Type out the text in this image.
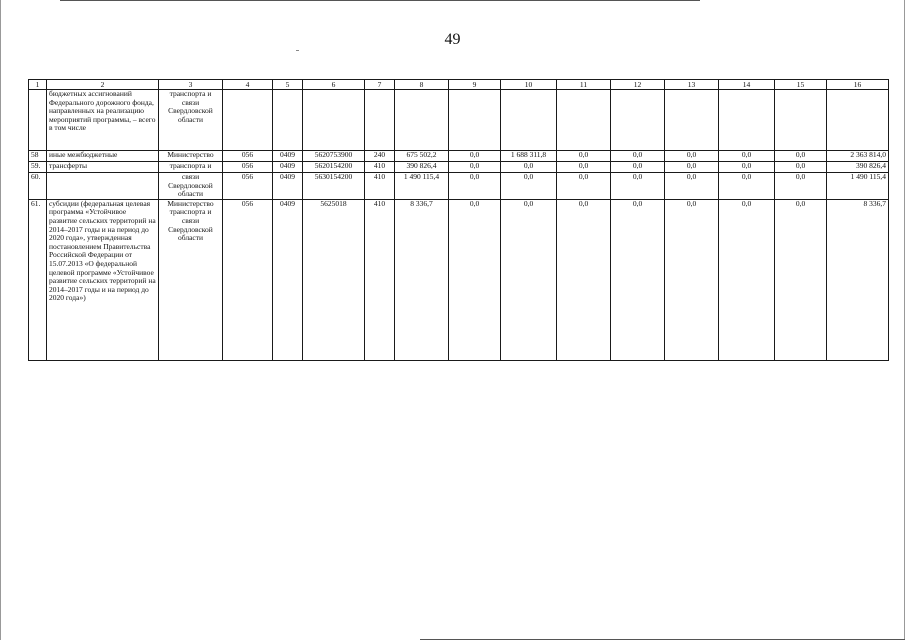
49
1	2	3	4	5	6	7	8	9	10	11	12	13	14	15	16
	бюджетных ассигнований Федерального дорожного фонда, направленных на реализацию мероприятий программы, – всего в том числе	транспорта и связи Свердловской области													
58	иные межбюджетные	Министерство	056	0409	5620753900	240	675 502,2	0,0	1 688 311,8	0,0	0,0	0,0	0,0	0,0	2 363 814,0
59.	трансферты	транспорта и	056	0409	5620154200	410	390 826,4	0,0	0,0	0,0	0,0	0,0	0,0	0,0	390 826,4
60.		связи Свердловской области	056	0409	5630154200	410	1 490 115,4	0,0	0,0	0,0	0,0	0,0	0,0	0,0	1 490 115,4
61.	субсидии (федеральная целевая программа «Устойчивое развитие сельских территорий на 2014–2017 годы и на период до 2020 года», утвержденная постановлением Правительства Российской Федерации от 15.07.2013 «О федеральной целевой программе «Устойчивое развитие сельских территорий на 2014–2017 годы и на период до 2020 года»)	Министерство транспорта и связи Свердловской области	056	0409	5625018	410	8 336,7	0,0	0,0	0,0	0,0	0,0	0,0	0,0	8 336,7
